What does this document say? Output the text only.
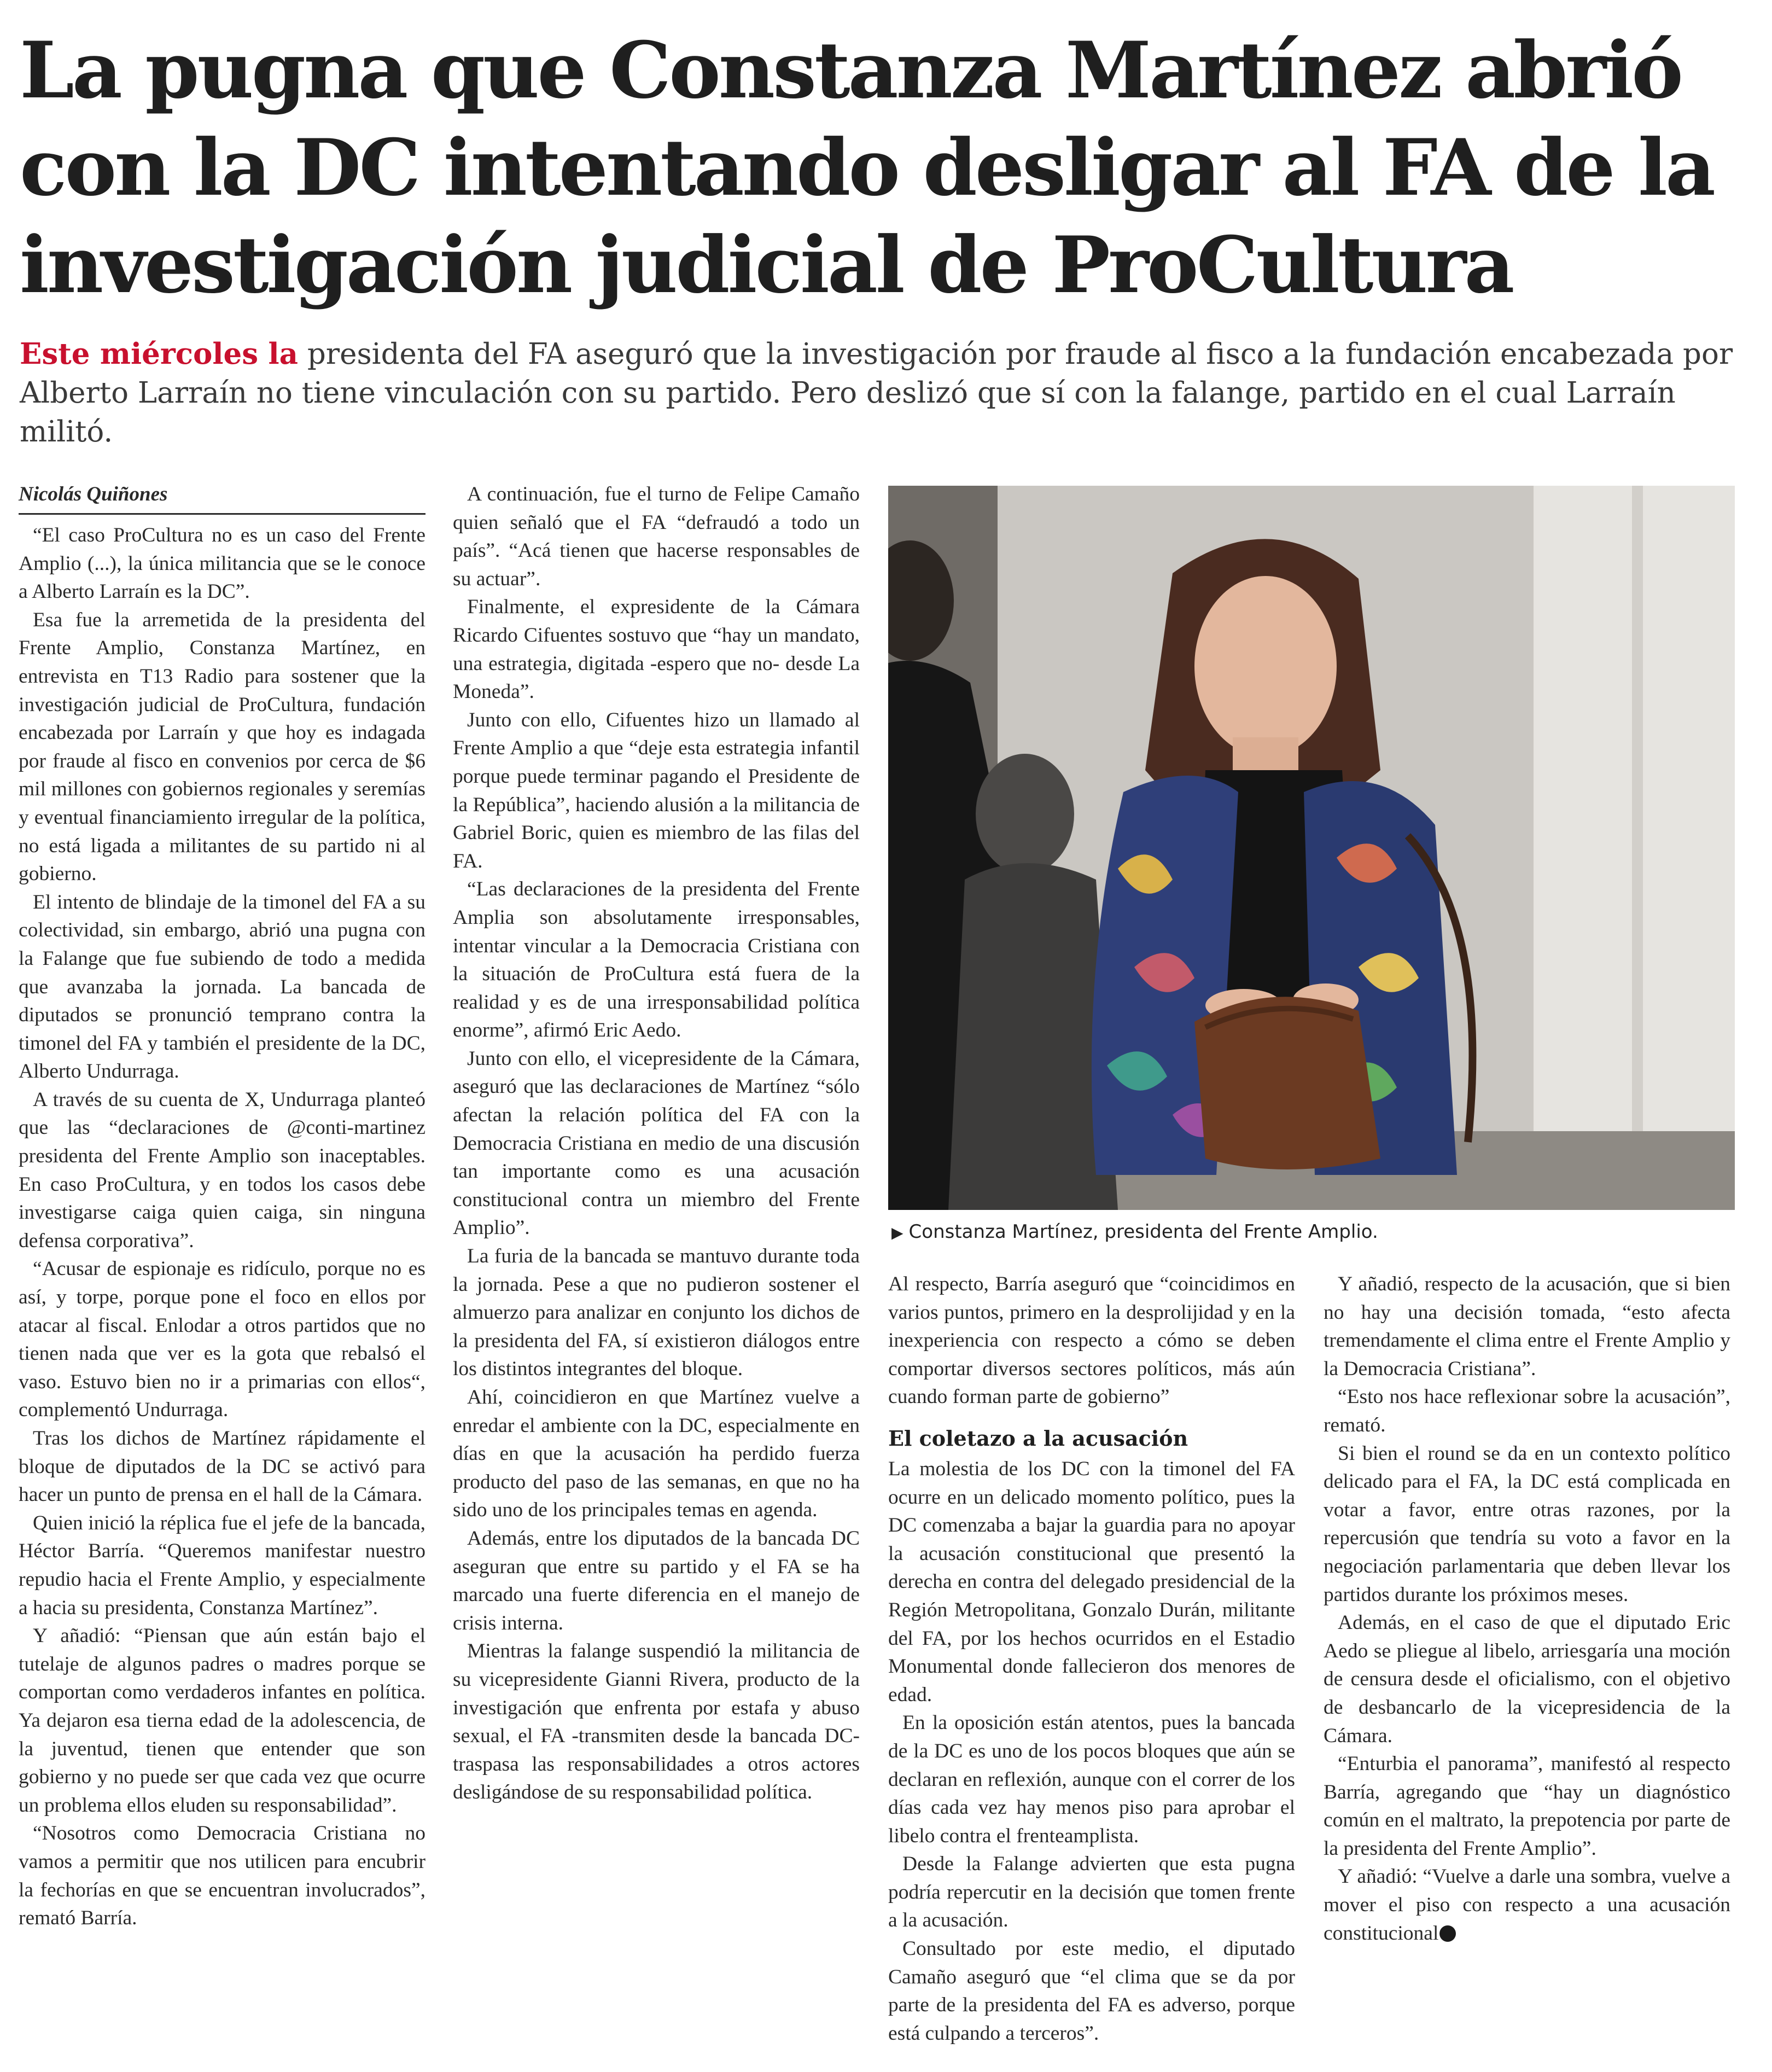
La pugna que Constanza Martínez abrió
con la DC intentando desligar al FA de la
investigación judicial de ProCultura
Este miércoles la presidenta del FA aseguró que la investigación por fraude al fisco a la fundación encabezada por Alberto Larraín no tiene vinculación con su partido. Pero deslizó que sí con la falange, partido en el cual Larraín militó.
Nicolás Quiñones

“El caso ProCultura no es un caso del Frente Amplio (...), la única militancia que se le conoce a Alberto Larraín es la DC”.

Esa fue la arremetida de la presidenta del Frente Amplio, Constanza Martínez, en entrevista en T13 Radio para sostener que la investigación judicial de ProCultura, fundación encabezada por Larraín y que hoy es indagada por fraude al fisco en convenios por cerca de $6 mil millones con gobiernos regionales y seremías y eventual financiamiento irregular de la política, no está ligada a militantes de su partido ni al gobierno.

El intento de blindaje de la timonel del FA a su colectividad, sin embargo, abrió una pugna con la Falange que fue subiendo de todo a medida que avanzaba la jornada. La bancada de diputados se pronunció temprano contra la timonel del FA y también el presidente de la DC, Alberto Undurraga.

A través de su cuenta de X, Undurraga planteó que las “declaraciones de @conti-martinez presidenta del Frente Amplio son inaceptables. En caso ProCultura, y en todos los casos debe investigarse caiga quien caiga, sin ninguna defensa corporativa”.

“Acusar de espionaje es ridículo, porque no es así, y torpe, porque pone el foco en ellos por atacar al fiscal. Enlodar a otros partidos que no tienen nada que ver es la gota que rebalsó el vaso. Estuvo bien no ir a primarias con ellos“, complementó Undurraga.

Tras los dichos de Martínez rápidamente el bloque de diputados de la DC se activó para hacer un punto de prensa en el hall de la Cámara.

Quien inició la réplica fue el jefe de la bancada, Héctor Barría. “Queremos manifestar nuestro repudio hacia el Frente Amplio, y especialmente a hacia su presidenta, Constanza Martínez”.

Y añadió: “Piensan que aún están bajo el tutelaje de algunos padres o madres porque se comportan como verdaderos infantes en política. Ya dejaron esa tierna edad de la adolescencia, de la juventud, tienen que entender que son gobierno y no puede ser que cada vez que ocurre un problema ellos eluden su responsabilidad”.

“Nosotros como Democracia Cristiana no vamos a permitir que nos utilicen para encubrir la fechorías en que se encuentran involucrados”, remató Barría.

A continuación, fue el turno de Felipe Camaño quien señaló que el FA “defraudó a todo un país”. “Acá tienen que hacerse responsables de su actuar”.

Finalmente, el expresidente de la Cámara Ricardo Cifuentes sostuvo que “hay un mandato, una estrategia, digitada -espero que no- desde La Moneda”.

Junto con ello, Cifuentes hizo un llamado al Frente Amplio a que “deje esta estrategia infantil porque puede terminar pagando el Presidente de la República”, haciendo alusión a la militancia de Gabriel Boric, quien es miembro de las filas del FA.

“Las declaraciones de la presidenta del Frente Amplia son absolutamente irresponsables, intentar vincular a la Democracia Cristiana con la situación de ProCultura está fuera de la realidad y es de una irresponsabilidad política enorme”, afirmó Eric Aedo.

Junto con ello, el vicepresidente de la Cámara, aseguró que las declaraciones de Martínez “sólo afectan la relación política del FA con la Democracia Cristiana en medio de una discusión tan importante como es una acusación constitucional contra un miembro del Frente Amplio”.

La furia de la bancada se mantuvo durante toda la jornada. Pese a que no pudieron sostener el almuerzo para analizar en conjunto los dichos de la presidenta del FA, sí existieron diálogos entre los distintos integrantes del bloque.

Ahí, coincidieron en que Martínez vuelve a enredar el ambiente con la DC, especialmente en días en que la acusación ha perdido fuerza producto del paso de las semanas, en que no ha sido uno de los principales temas en agenda.

Además, entre los diputados de la bancada DC aseguran que entre su partido y el FA se ha marcado una fuerte diferencia en el manejo de crisis interna.

Mientras la falange suspendió la militancia de su vicepresidente Gianni Rivera, producto de la investigación que enfrenta por estafa y abuso sexual, el FA -transmiten desde la bancada DC- traspasa las responsabilidades a otros actores desligándose de su responsabilidad política.

▶ Constanza Martínez, presidenta del Frente Amplio.

Al respecto, Barría aseguró que “coincidimos en varios puntos, primero en la desprolijidad y en la inexperiencia con respecto a cómo se deben comportar diversos sectores políticos, más aún cuando forman parte de gobierno”

El coletazo a la acusación

La molestia de los DC con la timonel del FA ocurre en un delicado momento político, pues la DC comenzaba a bajar la guardia para no apoyar la acusación constitucional que presentó la derecha en contra del delegado presidencial de la Región Metropolitana, Gonzalo Durán, militante del FA, por los hechos ocurridos en el Estadio Monumental donde fallecieron dos menores de edad.

En la oposición están atentos, pues la bancada de la DC es uno de los pocos bloques que aún se declaran en reflexión, aunque con el correr de los días cada vez hay menos piso para aprobar el libelo contra el frenteamplista.

Desde la Falange advierten que esta pugna podría repercutir en la decisión que tomen frente a la acusación.

Consultado por este medio, el diputado Camaño aseguró que “el clima que se da por parte de la presidenta del FA es adverso, porque está culpando a terceros”.

Y añadió, respecto de la acusación, que si bien no hay una decisión tomada, “esto afecta tremendamente el clima entre el Frente Amplio y la Democracia Cristiana”.

“Esto nos hace reflexionar sobre la acusación”, remató.

Si bien el round se da en un contexto político delicado para el FA, la DC está complicada en votar a favor, entre otras razones, por la repercusión que tendría su voto a favor en la negociación parlamentaria que deben llevar los partidos durante los próximos meses.

Además, en el caso de que el diputado Eric Aedo se pliegue al libelo, arriesgaría una moción de censura desde el oficialismo, con el objetivo de desbancarlo de la vicepresidencia de la Cámara.

“Enturbia el panorama”, manifestó al respecto Barría, agregando que “hay un diagnóstico común en el maltrato, la prepotencia por parte de la presidenta del Frente Amplio”.

Y añadió: “Vuelve a darle una sombra, vuelve a mover el piso con respecto a una acusación constitucional
